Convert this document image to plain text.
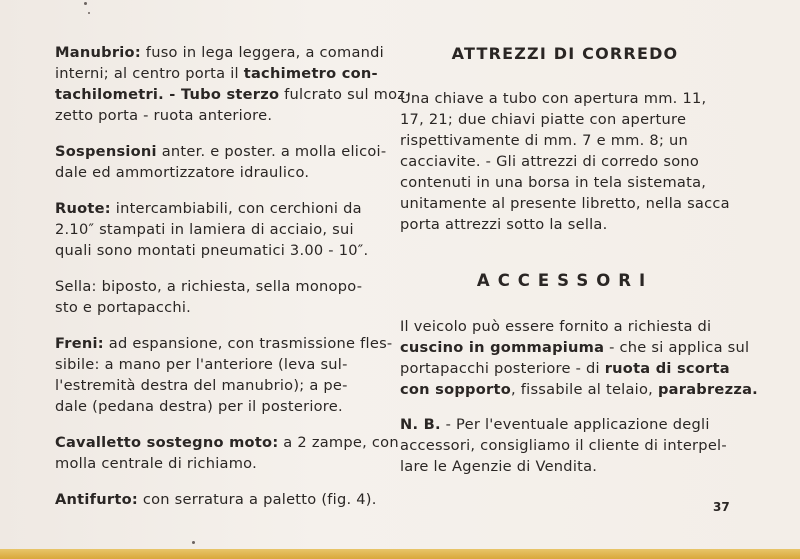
Manubrio: fuso in lega leggera, a comandi
interni; al centro porta il tachimetro con-
tachilometri. - Tubo sterzo fulcrato sul moz-
zetto porta - ruota anteriore.

Sospensioni anter. e poster. a molla elicoi-
dale ed ammortizzatore idraulico.

Ruote: intercambiabili, con cerchioni da
2.10″ stampati in lamiera di acciaio, sui
quali sono montati pneumatici 3.00 - 10″.

Sella: biposto, a richiesta, sella monopo-
sto e portapacchi.

Freni: ad espansione, con trasmissione fles-
sibile: a mano per l'anteriore (leva sul-
l'estremità destra del manubrio); a pe-
dale (pedana destra) per il posteriore.

Cavalletto sostegno moto: a 2 zampe, con
molla centrale di richiamo.

Antifurto: con serratura a paletto (fig. 4).

ATTREZZI DI CORREDO
Una chiave a tubo con apertura mm. 11,
17, 21; due chiavi piatte con aperture
rispettivamente di mm. 7 e mm. 8; un
cacciavite. - Gli attrezzi di corredo sono
contenuti in una borsa in tela sistemata,
unitamente al presente libretto, nella sacca
porta attrezzi sotto la sella.
ACCESSORI
Il veicolo può essere fornito a richiesta di
cuscino in gommapiuma - che si applica sul
portapacchi posteriore - di ruota di scorta
con sopporto, fissabile al telaio, parabrezza.
N. B. - Per l'eventuale applicazione degli
accessori, consigliamo il cliente di interpel-
lare le Agenzie di Vendita.
37
